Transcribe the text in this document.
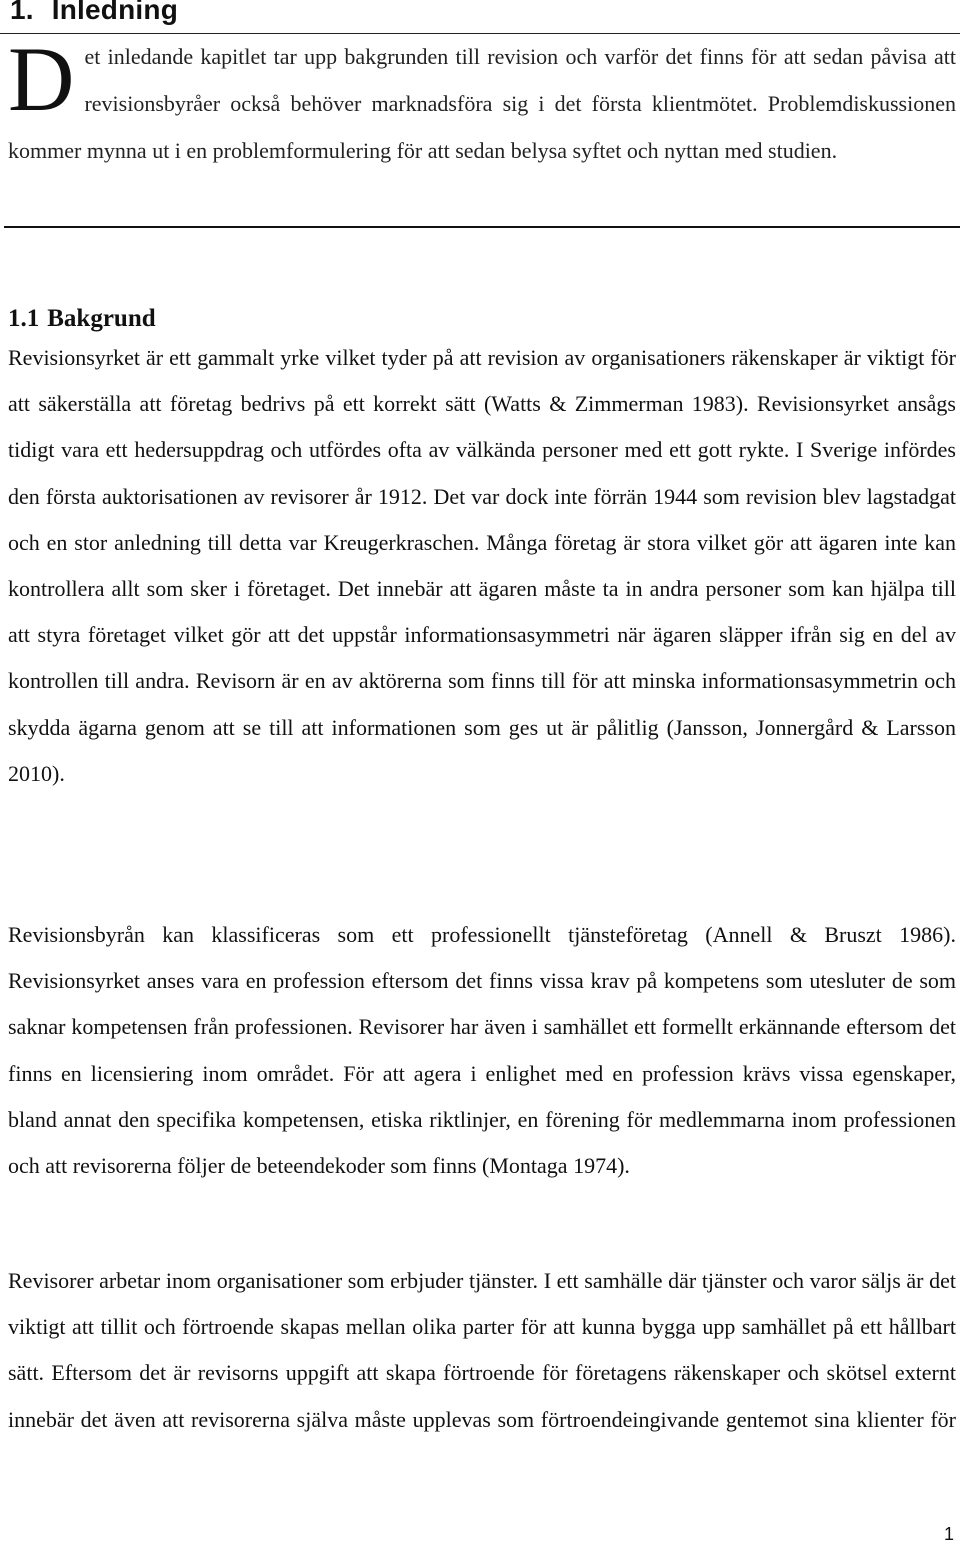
1. Inledning

Det inledande kapitlet tar upp bakgrunden till revision och varför det finns för att sedan påvisa att revisionsbyråer också behöver marknadsföra sig i det första klientmötet. Problemdiskussionen kommer mynna ut i en problemformulering för att sedan belysa syftet och nyttan med studien.

1.1 Bakgrund

Revisionsyrket är ett gammalt yrke vilket tyder på att revision av organisationers räkenskaper är viktigt för att säkerställa att företag bedrivs på ett korrekt sätt (Watts & Zimmerman 1983). Revisionsyrket ansågs tidigt vara ett hedersuppdrag och utfördes ofta av välkända personer med ett gott rykte. I Sverige infördes den första auktorisationen av revisorer år 1912. Det var dock inte förrän 1944 som revision blev lagstadgat och en stor anledning till detta var Kreugerkraschen. Många företag är stora vilket gör att ägaren inte kan kontrollera allt som sker i företaget. Det innebär att ägaren måste ta in andra personer som kan hjälpa till att styra företaget vilket gör att det uppstår informationsasymmetri när ägaren släpper ifrån sig en del av kontrollen till andra. Revisorn är en av aktörerna som finns till för att minska informationsasymmetrin och skydda ägarna genom att se till att informationen som ges ut är pålitlig (Jansson, Jonnergård & Larsson 2010).

Revisionsbyrån kan klassificeras som ett professionellt tjänsteföretag (Annell & Bruszt 1986). Revisionsyrket anses vara en profession eftersom det finns vissa krav på kompetens som utesluter de som saknar kompetensen från professionen. Revisorer har även i samhället ett formellt erkännande eftersom det finns en licensiering inom området. För att agera i enlighet med en profession krävs vissa egenskaper, bland annat den specifika kompetensen, etiska riktlinjer, en förening för medlemmarna inom professionen och att revisorerna följer de beteendekoder som finns (Montaga 1974).

Revisorer arbetar inom organisationer som erbjuder tjänster. I ett samhälle där tjänster och varor säljs är det viktigt att tillit och förtroende skapas mellan olika parter för att kunna bygga upp samhället på ett hållbart sätt. Eftersom det är revisorns uppgift att skapa förtroende för företagens räkenskaper och skötsel externt innebär det även att revisorerna själva måste upplevas som förtroendeingivande gentemot sina klienter för

1
